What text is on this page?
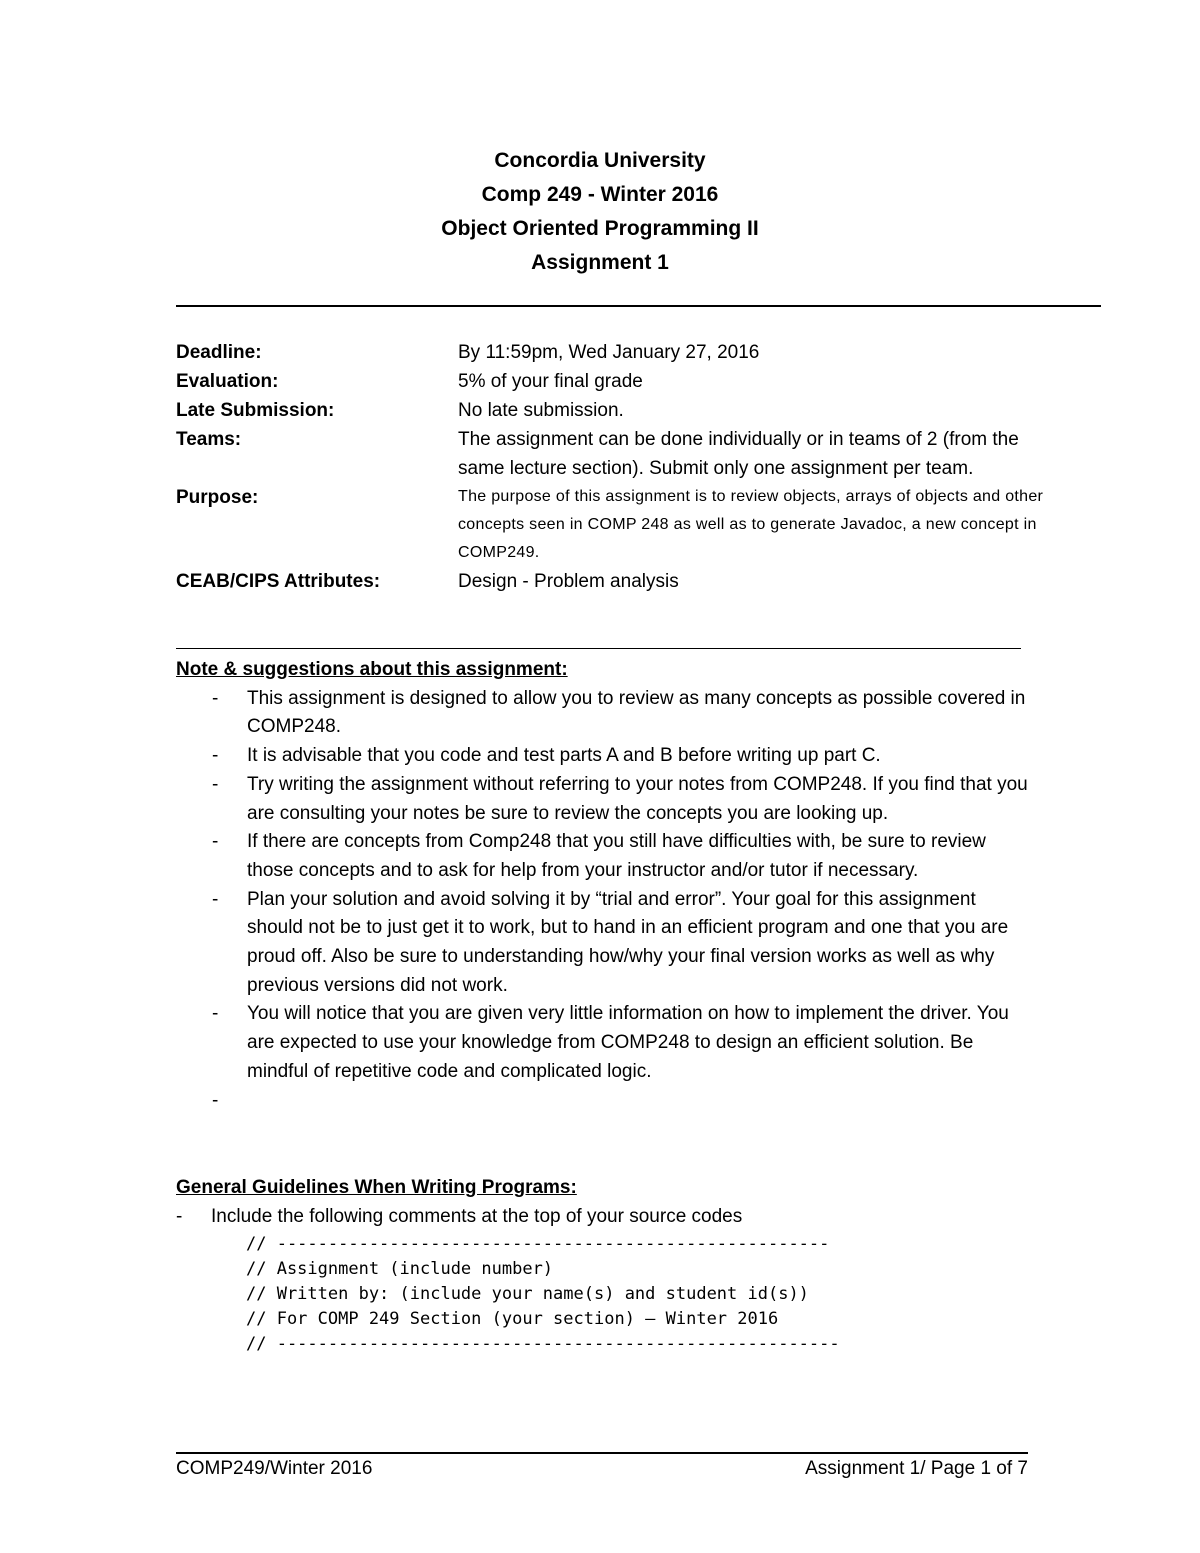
Concordia University
Comp 249 - Winter 2016
Object Oriented Programming II
Assignment 1
Deadline:	By 11:59pm, Wed January 27, 2016
Evaluation:	5% of your final grade
Late Submission:	No late submission.
Teams:	The assignment can be done individually or in teams of 2 (from the same lecture section). Submit only one assignment per team.
Purpose:	The purpose of this assignment is to review objects, arrays of objects and other concepts seen in COMP 248 as well as to generate Javadoc, a new concept in COMP249.
CEAB/CIPS Attributes:	Design - Problem analysis
Note & suggestions about this assignment:
- This assignment is designed to allow you to review as many concepts as possible covered in COMP248.
- It is advisable that you code and test parts A and B before writing up part C.
- Try writing the assignment without referring to your notes from COMP248. If you find that you are consulting your notes be sure to review the concepts you are looking up.
- If there are concepts from Comp248 that you still have difficulties with, be sure to review those concepts and to ask for help from your instructor and/or tutor if necessary.
- Plan your solution and avoid solving it by “trial and error”. Your goal for this assignment should not be to just get it to work, but to hand in an efficient program and one that you are proud off. Also be sure to understanding how/why your final version works as well as why previous versions did not work.
- You will notice that you are given very little information on how to implement the driver. You are expected to use your knowledge from COMP248 to design an efficient solution. Be mindful of repetitive code and complicated logic.
-

General Guidelines When Writing Programs:
- Include the following comments at the top of your source codes
// ------------------------------------------------------
// Assignment (include number)
// Written by: (include your name(s) and student id(s))
// For COMP 249 Section (your section) – Winter 2016
// -------------------------------------------------------
COMP249/Winter 2016	Assignment 1/ Page 1 of 7
